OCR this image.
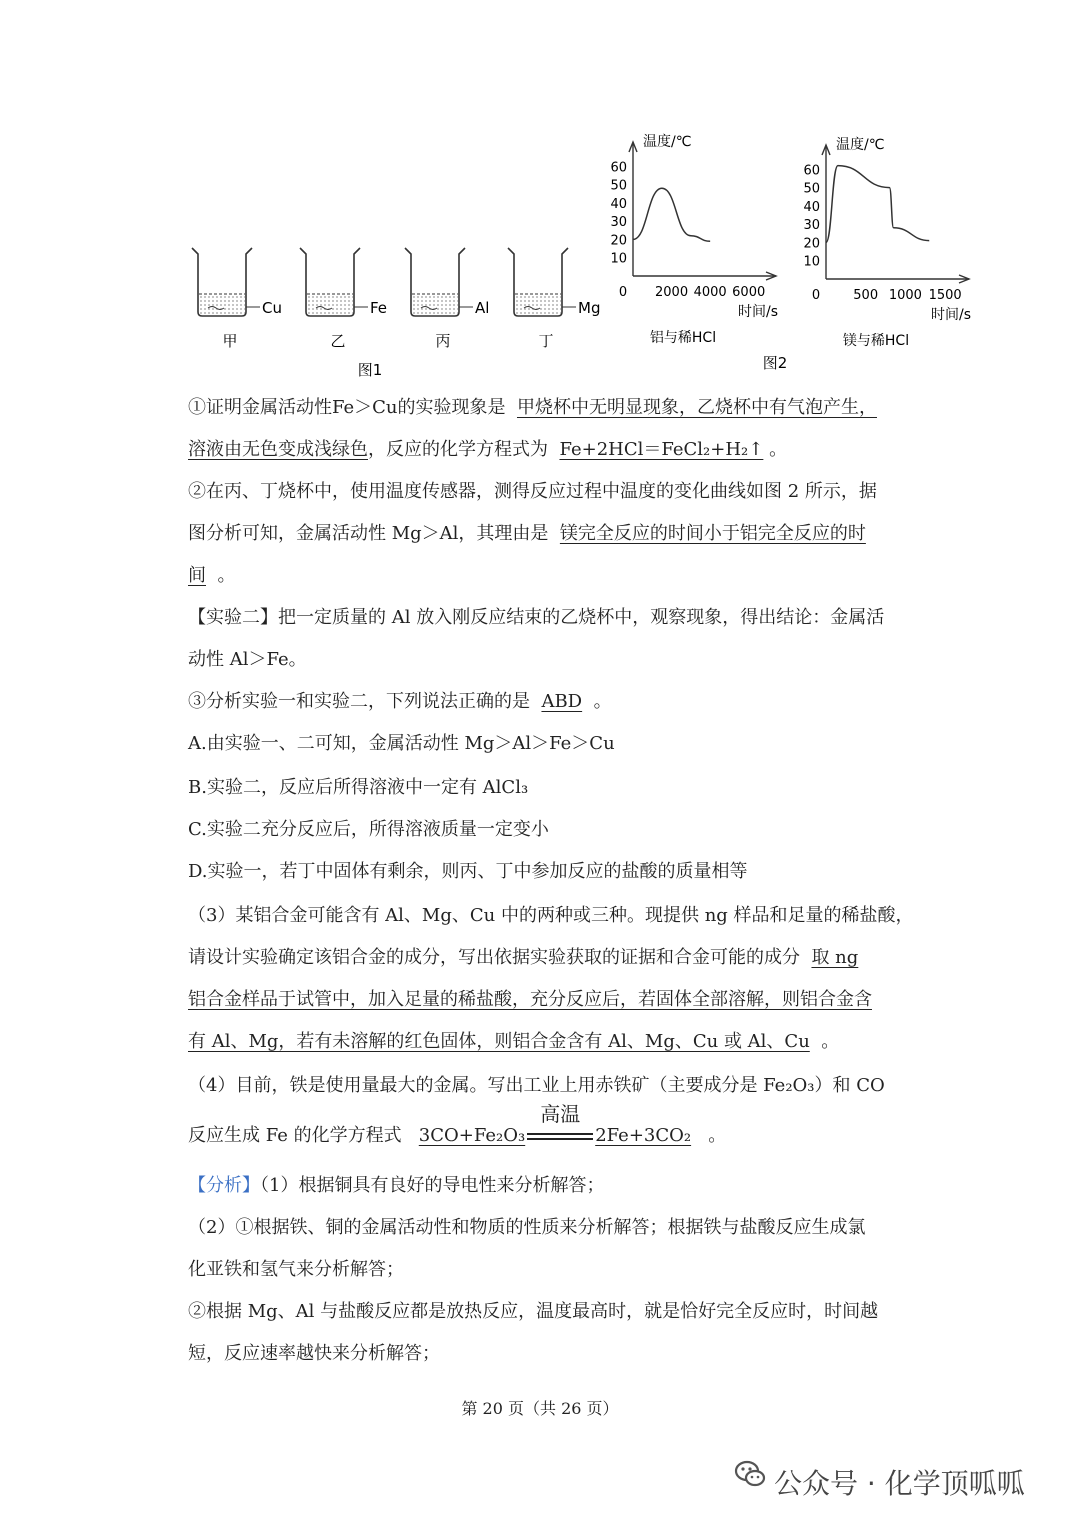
Cu
甲
Fe
乙
Al
丙
Mg
丁
图1
温度/℃
60
50
40
30
20
10
0 2000 4000 6000
时间/s
铝与稀HCl
温度/℃
60
50
40
30
20
10
0	500 1000 1500
时间/s
镁与稀HCl
图2
①证明金属活动性Fe＞Cu的实验现象是 甲烧杯中无明显现象，乙烧杯中有气泡产生，
溶液由无色变成浅绿色，反应的化学方程式为 Fe+2HCl＝FeCl₂+H₂↑ 。
②在丙、丁烧杯中，使用温度传感器，测得反应过程中温度的变化曲线如图 2 所示，据
图分析可知，金属活动性 Mg＞Al，其理由是 镁完全反应的时间小于铝完全反应的时
间 。
【实验二】把一定质量的 Al 放入刚反应结束的乙烧杯中，观察现象，得出结论：金属活
动性 Al＞Fe。
③分析实验一和实验二，下列说法正确的是 ABD 。
A.由实验一、二可知，金属活动性 Mg＞Al＞Fe＞Cu
B.实验二，反应后所得溶液中一定有 AlCl₃
C.实验二充分反应后，所得溶液质量一定变小
D.实验一，若丁中固体有剩余，则丙、丁中参加反应的盐酸的质量相等
（3）某铝合金可能含有 Al、Mg、Cu 中的两种或三种。现提供 ng 样品和足量的稀盐酸，
请设计实验确定该铝合金的成分，写出依据实验获取的证据和合金可能的成分 取 ng
铝合金样品于试管中，加入足量的稀盐酸，充分反应后，若固体全部溶解，则铝合金含
有 Al、Mg，若有未溶解的红色固体，则铝合金含有 Al、Mg、Cu 或 Al、Cu 。
（4）目前，铁是使用量最大的金属。写出工业上用赤铁矿（主要成分是 Fe₂O₃）和 CO
反应生成 Fe 的化学方程式 3CO+Fe₂O₃
高温
2Fe+3CO₂ 。
【分析】（1）根据铜具有良好的导电性来分析解答；
（2）①根据铁、铜的金属活动性和物质的性质来分析解答；根据铁与盐酸反应生成氯
化亚铁和氢气来分析解答；
②根据 Mg、Al 与盐酸反应都是放热反应，温度最高时，就是恰好完全反应时，时间越
短，反应速率越快来分析解答；
第 20 页（共 26 页）
公众号 · 化学顶呱呱
